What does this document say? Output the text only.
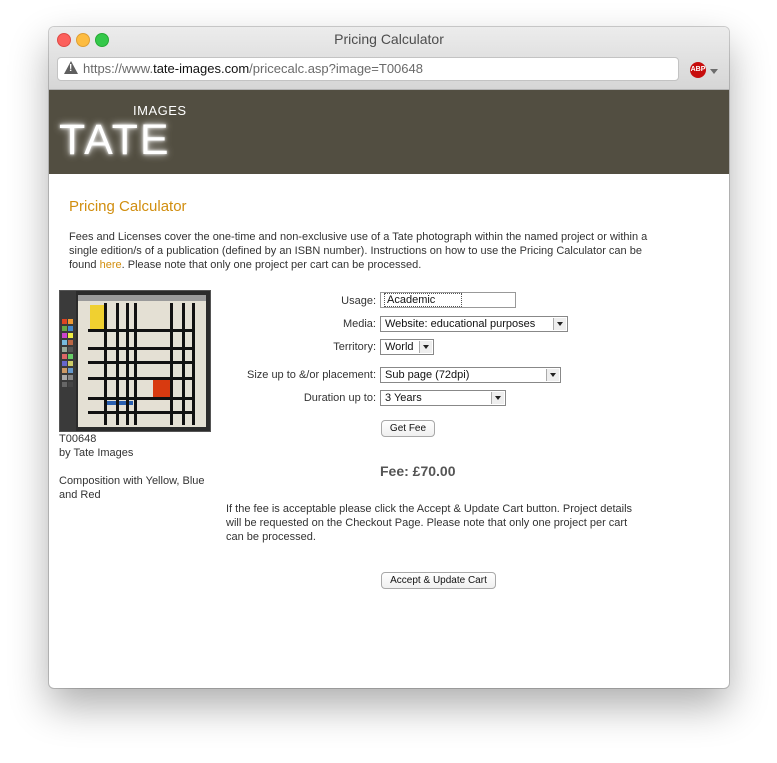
Pricing Calculator
! https://www.tate-images.com/pricecalc.asp?image=T00648	ABP
IMAGES
TATE
Pricing Calculator
Fees and Licenses cover the one-time and non-exclusive use of a Tate photograph within the named project or within a single edition/s of a publication (defined by an ISBN number). Instructions on how to use the Pricing Calculator can be found here. Please note that only one project per cart can be processed.
T00648
by Tate Images
Composition with Yellow, Blue and Red
Usage:	Academic
Media: Website: educational purposes
Territory: World
Size up to &/or placement: Sub page (72dpi)
Duration up to: 3 Years
Get Fee
Fee: £70.00
If the fee is acceptable please click the Accept & Update Cart button. Project details will be requested on the Checkout Page. Please note that only one project per cart can be processed.
Accept & Update Cart
